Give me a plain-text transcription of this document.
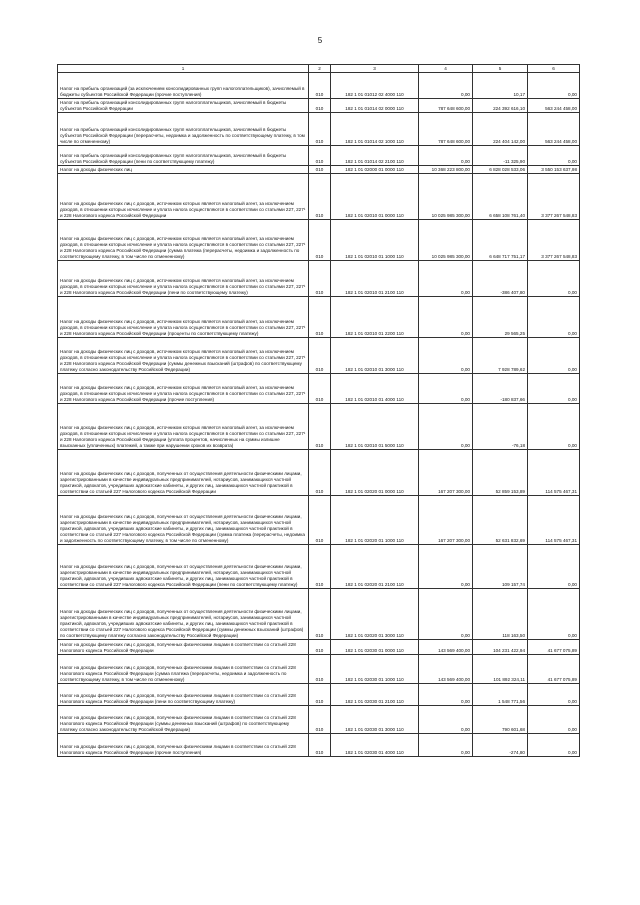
5
1	2	3	4	5	6
Налог на прибыль организаций (за исключением консолидированных групп налогоплательщиков), зачисляемый в бюджеты субъектов Российской Федерации (прочие поступления)	010	182 1 01 01012 02 4000 110	0,00	10,17	0,00
Налог на прибыль организаций консолидированных групп налогоплательщиков, зачисляемый в бюджеты субъектов Российской Федерации	010	182 1 01 01014 02 0000 110	787 648 600,00	224 392 616,10	563 244 458,00
Налог на прибыль организаций консолидированных групп налогоплательщиков, зачисляемый в бюджеты субъектов Российской Федерации (перерасчеты, недоимка и задолженность по соответствующему платежу, в том числе по отмененному)	010	182 1 01 01014 02 1000 110	787 648 600,00	224 404 142,00	563 244 458,00
Налог на прибыль организаций консолидированных групп налогоплательщиков, зачисляемый в бюджеты субъектов Российской Федерации (пени по соответствующему платежу)	010	182 1 01 01014 02 2100 110	0,00	-11 325,90	0,00
Налог на доходы физических лиц	010	182 1 01 02000 01 0000 110	10 368 223 800,00	6 828 028 533,06	3 550 153 637,98
Налог на доходы физических лиц с доходов, источником которых является налоговый агент, за исключением доходов, в отношении которых исчисление и уплата налога осуществляются в соответствии со статьями 227, 227¹ и 228 Налогового кодекса Российской Федерации	010	182 1 01 02010 01 0000 110	10 025 985 300,00	6 658 108 761,40	3 377 267 548,83
Налог на доходы физических лиц с доходов, источником которых является налоговый агент, за исключением доходов, в отношении которых исчисление и уплата налога осуществляются в соответствии со статьями 227, 227¹ и 228 Налогового кодекса Российской Федерации (сумма платежа (перерасчеты, недоимка и задолженность по соответствующему платежу, в том числе по отмененному)	010	182 1 01 02010 01 1000 110	10 025 985 300,00	6 648 717 751,17	3 377 267 548,83
Налог на доходы физических лиц с доходов, источником которых является налоговый агент, за исключением доходов, в отношении которых исчисление и уплата налога осуществляются в соответствии со статьями 227, 227¹ и 228 Налогового кодекса Российской Федерации (пени по соответствующему платежу)	010	182 1 01 02010 01 2100 110	0,00	-386 407,80	0,00
Налог на доходы физических лиц с доходов, источником которых является налоговый агент, за исключением доходов, в отношении которых исчисление и уплата налога осуществляются в соответствии со статьями 227, 227¹ и 228 Налогового кодекса Российской Федерации (проценты по соответствующему платежу)	010	182 1 01 02010 01 2200 110	0,00	29 565,25	0,00
Налог на доходы физических лиц с доходов, источником которых является налоговый агент, за исключением доходов, в отношении которых исчисление и уплата налога осуществляются в соответствии со статьями 227, 227¹ и 228 Налогового кодекса Российской Федерации (суммы денежных взысканий (штрафов) по соответствующему платежу согласно законодательству Российской Федерации)	010	182 1 01 02010 01 3000 110	0,00	7 928 789,62	0,00
Налог на доходы физических лиц с доходов, источником которых является налоговый агент, за исключением доходов, в отношении которых исчисление и уплата налога осуществляются в соответствии со статьями 227, 227¹ и 228 Налогового кодекса Российской Федерации (прочие поступления)	010	182 1 01 02010 01 4000 110	0,00	-180 837,66	0,00
Налог на доходы физических лиц с доходов, источником которых является налоговый агент, за исключением доходов, в отношении которых исчисление и уплата налога осуществляются в соответствии со статьями 227, 227¹ и 228 Налогового кодекса Российской Федерации (уплата процентов, начисленных на суммы излишне взысканных (уплаченных) платежей, а также при нарушении сроков их возврата)	010	182 1 01 02010 01 5000 110	0,00	-76,18	0,00
Налог на доходы физических лиц с доходов, полученных от осуществления деятельности физическими лицами, зарегистрированными в качестве индивидуальных предпринимателей, нотариусов, занимающихся частной практикой, адвокатов, учредивших адвокатские кабинеты, и других лиц, занимающихся частной практикой в соответствии со статьей 227 Налогового кодекса Российской Федерации	010	182 1 01 02020 01 0000 110	167 207 300,00	52 859 153,89	114 575 467,31
Налог на доходы физических лиц с доходов, полученных от осуществления деятельности физическими лицами, зарегистрированными в качестве индивидуальных предпринимателей, нотариусов, занимающихся частной практикой, адвокатов, учредивших адвокатские кабинеты, и других лиц, занимающихся частной практикой в соответствии со статьей 227 Налогового кодекса Российской Федерации (сумма платежа (перерасчеты, недоимка и задолженность по соответствующему платежу, в том числе по отмененному)	010	182 1 01 02020 01 1000 110	167 207 300,00	52 631 832,69	114 575 467,31
Налог на доходы физических лиц с доходов, полученных от осуществления деятельности физическими лицами, зарегистрированными в качестве индивидуальных предпринимателей, нотариусов, занимающихся частной практикой, адвокатов, учредивших адвокатские кабинеты, и других лиц, занимающихся частной практикой в соответствии со статьей 227 Налогового кодекса Российской Федерации (пени по соответствующему платежу)	010	182 1 01 02020 01 2100 110	0,00	109 157,74	0,00
Налог на доходы физических лиц с доходов, полученных от осуществления деятельности физическими лицами, зарегистрированными в качестве индивидуальных предпринимателей, нотариусов, занимающихся частной практикой, адвокатов, учредивших адвокатские кабинеты, и других лиц, занимающихся частной практикой в соответствии со статьей 227 Налогового кодекса Российской Федерации (суммы денежных взысканий (штрафов) по соответствующему платежу согласно законодательству Российской Федерации)	010	182 1 01 02020 01 3000 110	0,00	118 163,50	0,00
Налог на доходы физических лиц с доходов, полученных физическими лицами в соответствии со статьей 228 Налогового кодекса Российской Федерации	010	182 1 01 02030 01 0000 110	143 569 400,00	104 231 422,94	41 677 075,89
Налог на доходы физических лиц с доходов, полученных физическими лицами в соответствии со статьей 228 Налогового кодекса Российской Федерации (сумма платежа (перерасчеты, недоимка и задолженность по соответствующему платежу, в том числе по отмененному)	010	182 1 01 02030 01 1000 110	143 569 400,00	101 892 324,11	41 677 075,89
Налог на доходы физических лиц с доходов, полученных физическими лицами в соответствии со статьей 228 Налогового кодекса Российской Федерации (пени по соответствующему платежу)	010	182 1 01 02030 01 2100 110	0,00	1 548 771,56	0,00
Налог на доходы физических лиц с доходов, полученных физическими лицами в соответствии со статьей 228 Налогового кодекса Российской Федерации (суммы денежных взысканий (штрафов) по соответствующему платежу согласно законодательству Российской Федерации)	010	182 1 01 02030 01 3000 110	0,00	790 601,68	0,00
Налог на доходы физических лиц с доходов, полученных физическими лицами в соответствии со статьей 228 Налогового кодекса Российской Федерации (прочие поступления)	010	182 1 01 02030 01 4000 110	0,00	-274,80	0,00
